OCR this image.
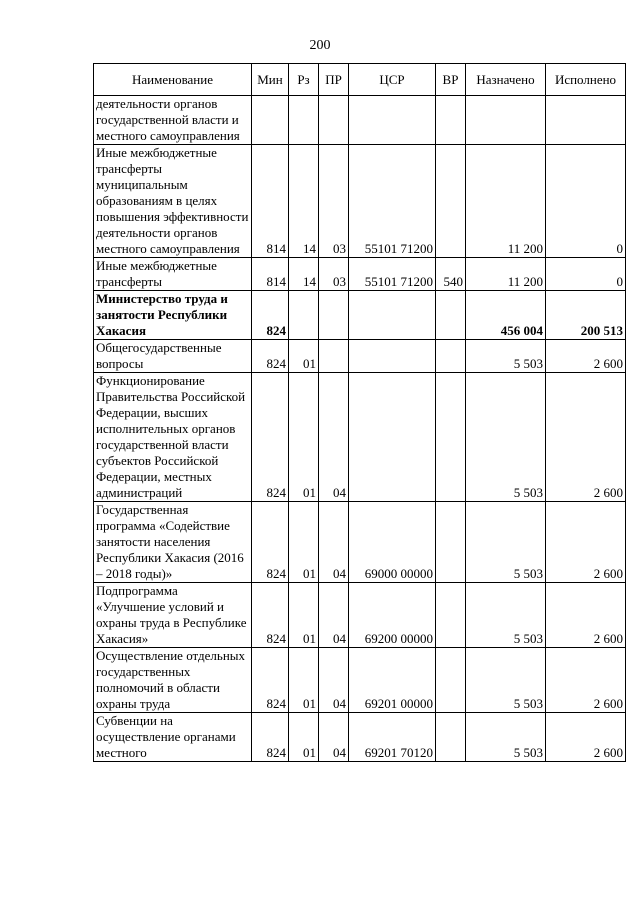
200
Наименование	Мин	Рз	ПР	ЦСР	ВР	Назначено	Исполнено
деятельности органов государственной власти и местного самоуправления							
Иные межбюджетные трансферты муниципальным образованиям в целях повышения эффективности деятельности органов местного самоуправления	814	14	03	55101 71200		11 200	0
Иные межбюджетные трансферты	814	14	03	55101 71200	540	11 200	0
Министерство труда и занятости Республики Хакасия	824					456 004	200 513
Общегосударственные вопросы	824	01				5 503	2 600
Функционирование Правительства Российской Федерации, высших исполнительных органов государственной власти субъектов Российской Федерации, местных администраций	824	01	04			5 503	2 600
Государственная программа «Содействие занятости населения Республики Хакасия (2016 – 2018 годы)»	824	01	04	69000 00000		5 503	2 600
Подпрограмма «Улучшение условий и охраны труда в Республике Хакасия»	824	01	04	69200 00000		5 503	2 600
Осуществление отдельных государственных полномочий в области охраны труда	824	01	04	69201 00000		5 503	2 600
Субвенции на осуществление органами местного	824	01	04	69201 70120		5 503	2 600
